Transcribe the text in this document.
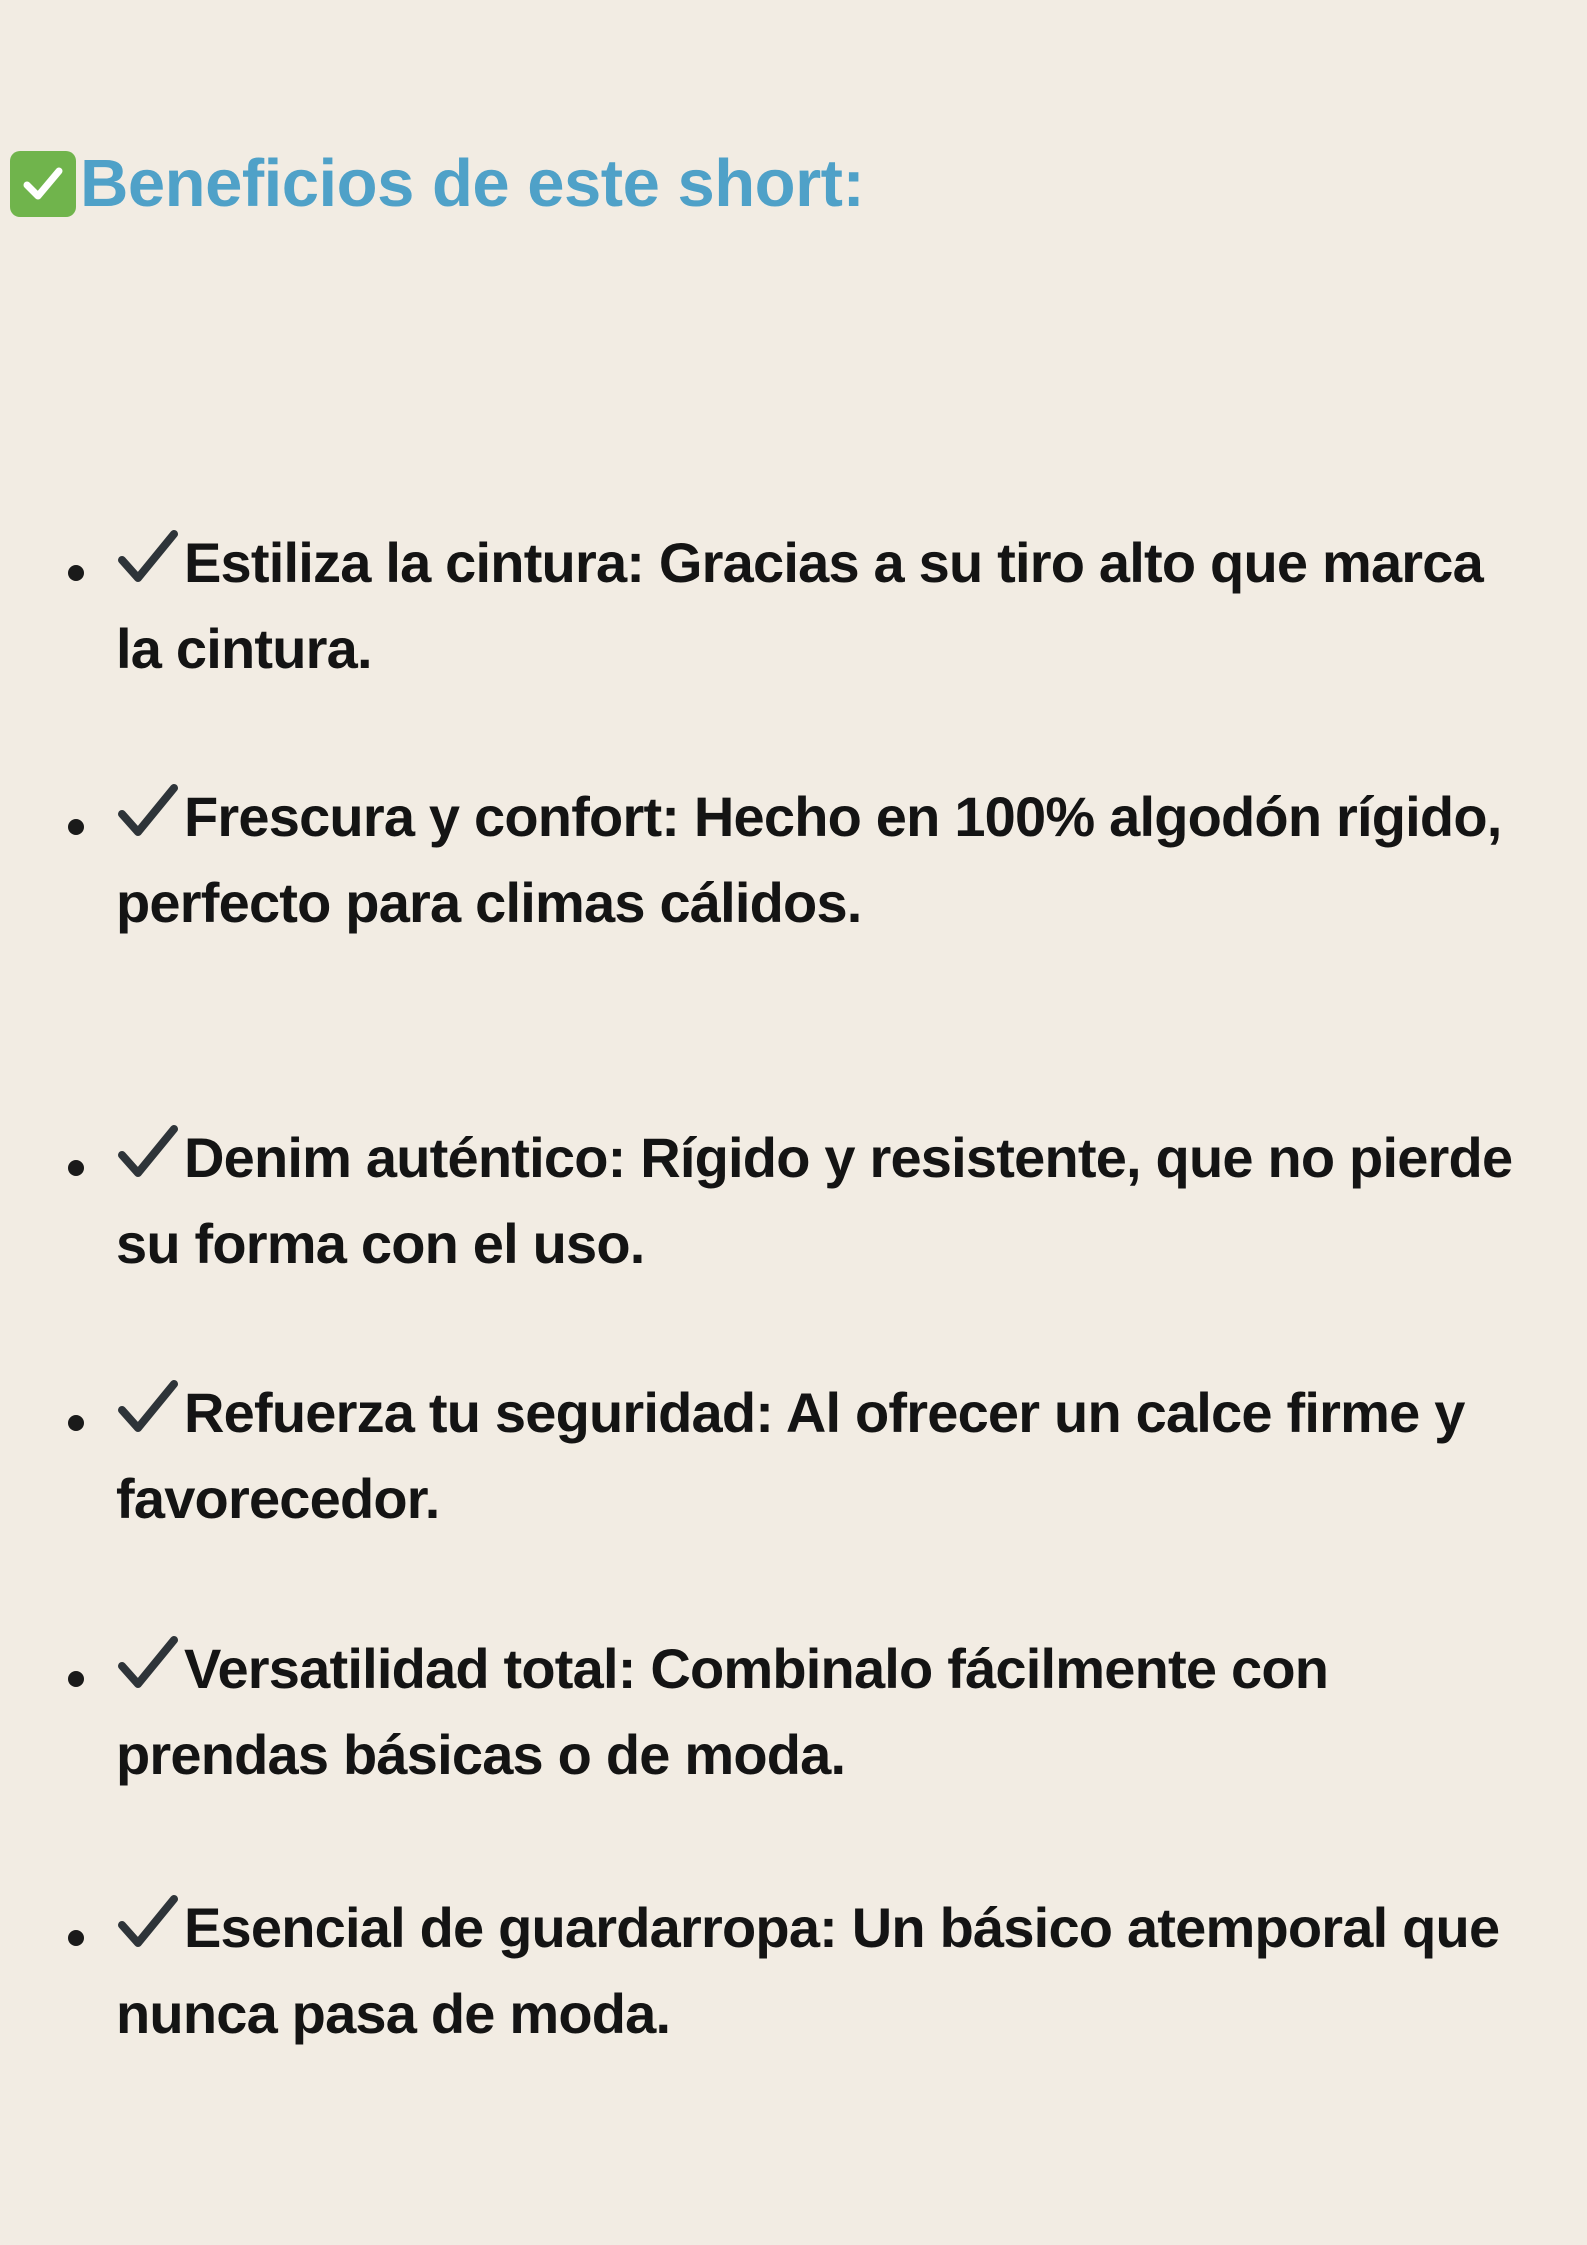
Beneficios de este short:
Estiliza la cintura: Gracias a su tiro alto que marca la cintura.
Frescura y confort: Hecho en 100% algodón rígido, perfecto para climas cálidos.
Denim auténtico: Rígido y resistente, que no pierde su forma con el uso.
Refuerza tu seguridad: Al ofrecer un calce firme y favorecedor.
Versatilidad total: Combinalo fácilmente con prendas básicas o de moda.
Esencial de guardarropa: Un básico atemporal que nunca pasa de moda.
